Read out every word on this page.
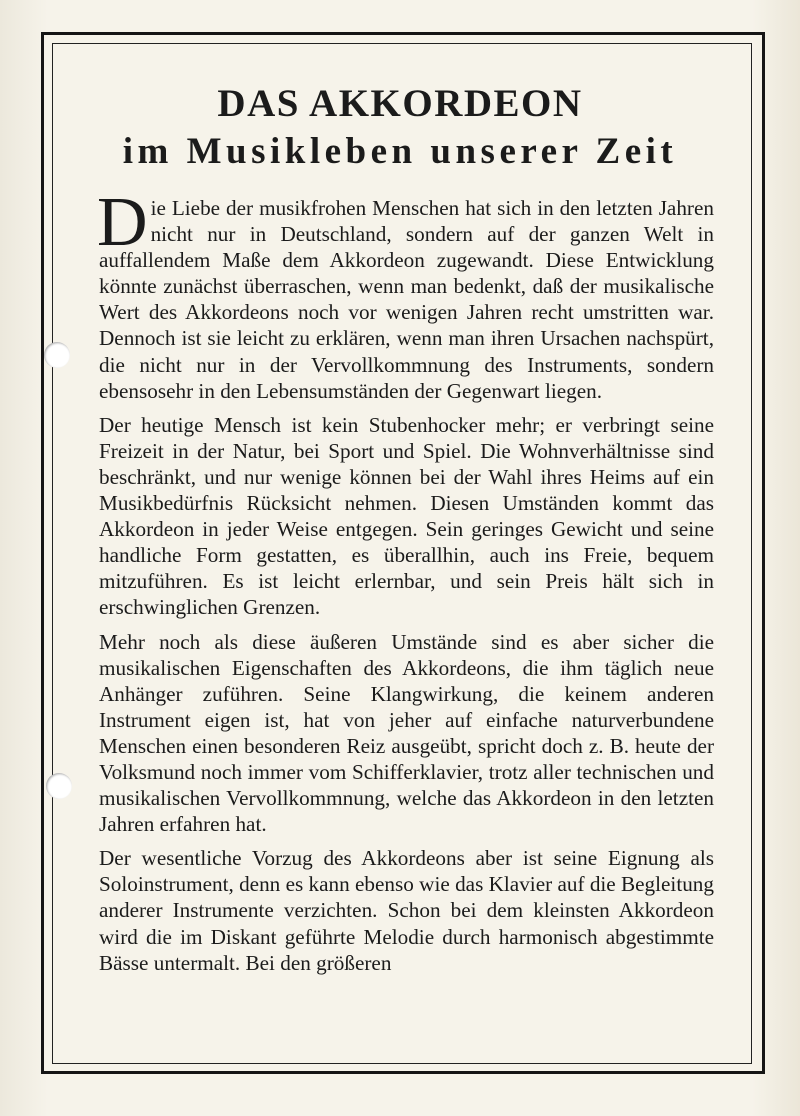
DAS AKKORDEON
im Musikleben unserer Zeit

Die Liebe der musikfrohen Menschen hat sich in den letzten Jahren nicht nur in Deutschland, sondern auf der ganzen Welt in auffallendem Maße dem Akkordeon zugewandt. Diese Entwicklung könnte zunächst überraschen, wenn man bedenkt, daß der musikalische Wert des Akkordeons noch vor wenigen Jahren recht umstritten war. Dennoch ist sie leicht zu erklären, wenn man ihren Ursachen nachspürt, die nicht nur in der Vervollkommnung des Instruments, sondern ebensosehr in den Lebensumständen der Gegenwart liegen.

Der heutige Mensch ist kein Stubenhocker mehr; er verbringt seine Freizeit in der Natur, bei Sport und Spiel. Die Wohnverhältnisse sind beschränkt, und nur wenige können bei der Wahl ihres Heims auf ein Musikbedürfnis Rücksicht nehmen. Diesen Umständen kommt das Akkordeon in jeder Weise entgegen. Sein geringes Gewicht und seine handliche Form gestatten, es überallhin, auch ins Freie, bequem mitzuführen. Es ist leicht erlernbar, und sein Preis hält sich in erschwinglichen Grenzen.

Mehr noch als diese äußeren Umstände sind es aber sicher die musikalischen Eigenschaften des Akkordeons, die ihm täglich neue Anhänger zuführen. Seine Klangwirkung, die keinem anderen Instrument eigen ist, hat von jeher auf einfache naturverbundene Menschen einen besonderen Reiz ausgeübt, spricht doch z. B. heute der Volksmund noch immer vom Schifferklavier, trotz aller technischen und musikalischen Vervollkommnung, welche das Akkordeon in den letzten Jahren erfahren hat.

Der wesentliche Vorzug des Akkordeons aber ist seine Eignung als Soloinstrument, denn es kann ebenso wie das Klavier auf die Begleitung anderer Instrumente verzichten. Schon bei dem kleinsten Akkordeon wird die im Diskant geführte Melodie durch harmonisch abgestimmte Bässe untermalt. Bei den größeren
